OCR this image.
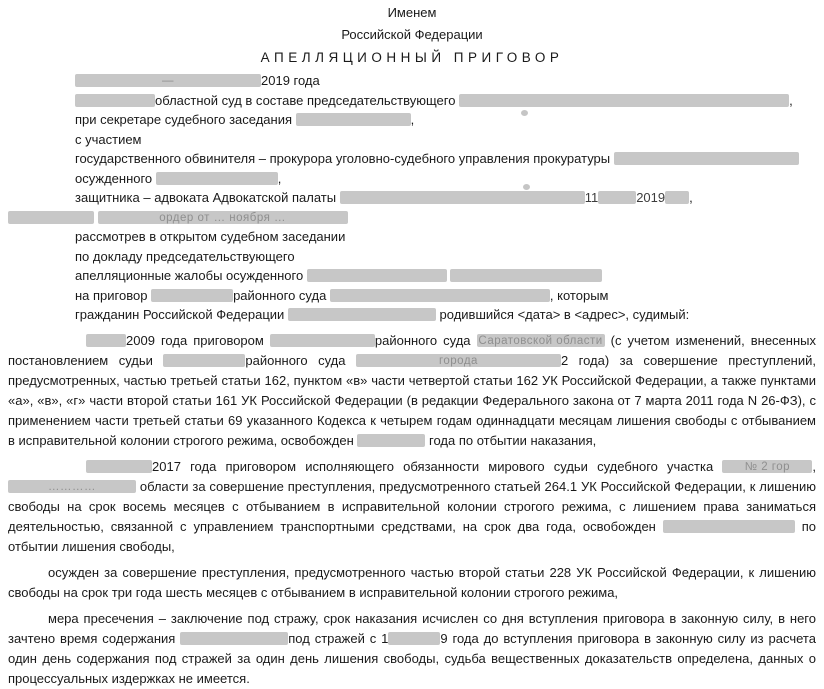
Именем
Российской Федерации
АПЕЛЛЯЦИОННЫЙ ПРИГОВОР
—	2019 года
областной суд в составе председательствующего	,
при секретаре судебного заседания	,
с участием
государственного обвинителя – прокурора уголовно-судебного управления прокуратуры
осужденного	,
защитника – адвоката Адвокатской палаты	11	2019 ,
ордер от … ноября …
рассмотрев в открытом судебном заседании
по докладу председательствующего
апелляционные жалобы осужденного
на приговор	районного суда	, которым
гражданин Российской Федерации	родившийся <дата> в <адрес>, судимый:
2009 года приговором	районного суда Саратовской области (с учетом изменений, внесенных постановлением судьи	районного суда	города	2 года) за совершение преступлений, предусмотренных, частью третьей статьи 162, пунктом «в» части четвертой статьи 162 УК Российской Федерации, а также пунктами «а», «в», «г» части второй статьи 161 УК Российской Федерации (в редакции Федерального закона от 7 марта 2011 года N 26-ФЗ), с применением части третьей статьи 69 указанного Кодекса к четырем годам одиннадцати месяцам лишения свободы с отбыванием в исправительной колонии строгого режима, освобожден	года по отбытии наказания,
2017 года приговором исполняющего обязанности мирового судьи судебного участка № 2 гор ,…………	области за совершение преступления, предусмотренного статьей 264.1 УК Российской Федерации, к лишению свободы на срок восемь месяцев с отбыванием в исправительной колонии строгого режима, с лишением права заниматься деятельностью, связанной с управлением транспортными средствами, на срок два года, освобожден	по отбытии лишения свободы,
осужден за совершение преступления, предусмотренного частью второй статьи 228 УК Российской Федерации, к лишению свободы на срок три года шесть месяцев с отбыванием в исправительной колонии строгого режима,
мера пресечения – заключение под стражу, срок наказания исчислен со дня вступления приговора в законную силу, в него зачтено время содержания	под стражей с 1	9 года до вступления приговора в законную силу из расчета один день содержания под стражей за один день лишения свободы, судьба вещественных доказательств определена, данных о процессуальных издержках не имеется.
